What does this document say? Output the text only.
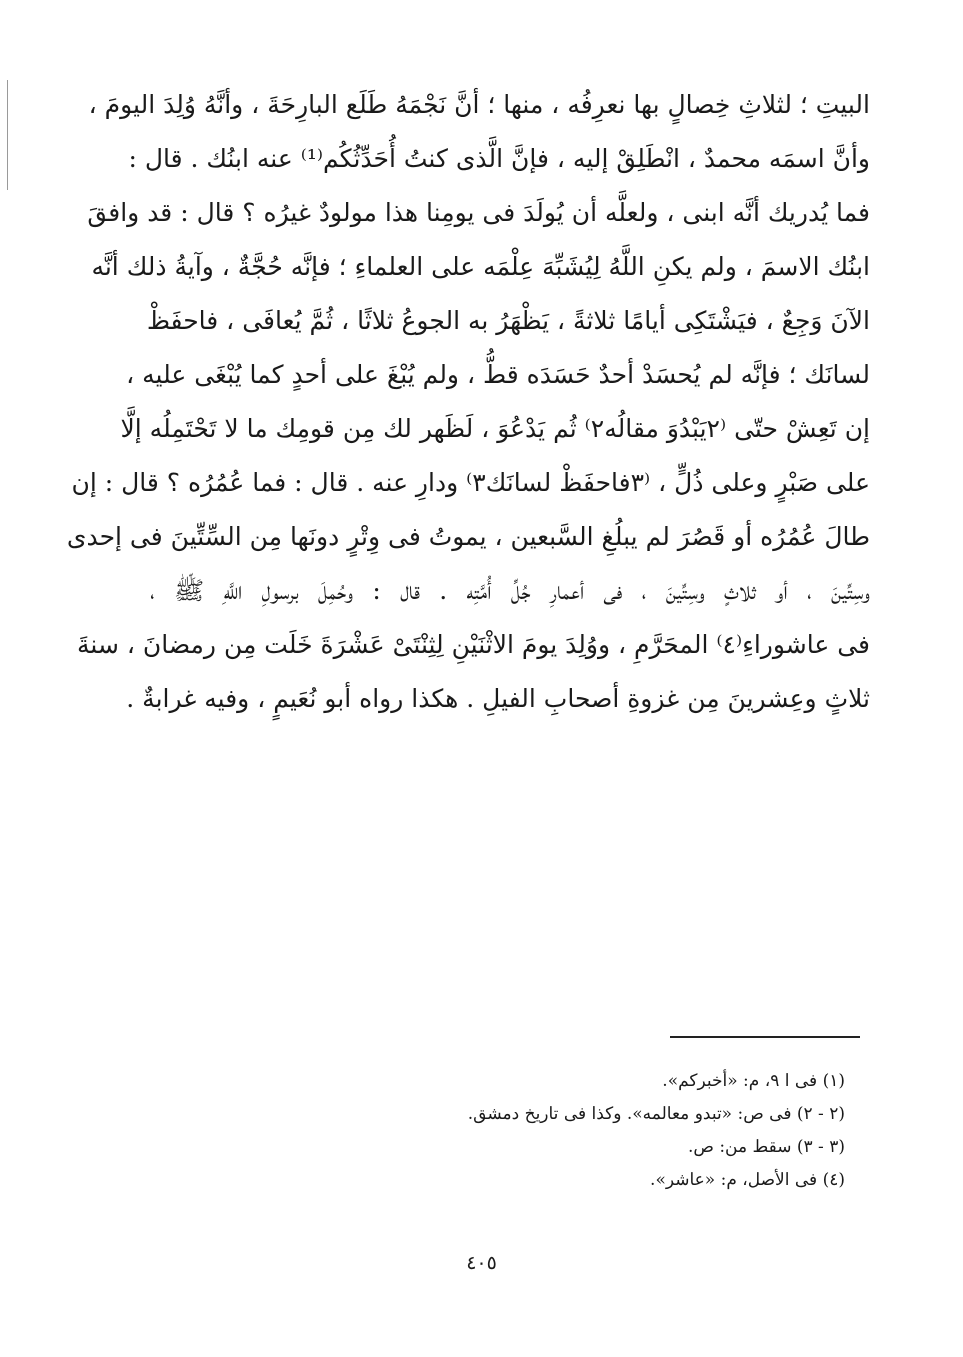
البيتِ ؛ لثلاثِ خِصالٍ بها نعرِفُه ، منها ؛ أنَّ نَجْمَهُ طَلَع البارِحَةَ ، وأنَّهُ وُلِدَ اليومَ ،
وأنَّ اسمَه محمدٌ ، انْطَلِقْ إليه ، فإنَّ الَّذى كنتُ أُحَدِّثُكُم⁽¹⁾ عنه ابنُك . قال :
فما يُدريك أنَّه ابنى ، ولعلَّه أن يُولَدَ فى يومِنا هذا مولودٌ غيرُه ؟ قال : قد وافقَ
ابنُك الاسمَ ، ولم يكنِ اللَّهُ لِيُشَبِّهَ عِلْمَه على العلماءِ ؛ فإنَّه حُجَّةٌ ، وآيةُ ذلك أنَّه
الآنَ وَجِعٌ ، فيَشْتَكِى أيامًا ثلاثةً ، يَظْهَرُ به الجوعُ ثلاثًا ، ثُمَّ يُعافَى ، فاحفَظْ
لسانَك ؛ فإنَّه لم يُحسَدْ أحدٌ حَسَدَه قطُّ ، ولم يُبْغَ على أحدٍ كما يُبْغَى عليه ،
إن تَعِشْ حتّى ⁽٢يَبْدُوَ مقالُه٢⁾ ثُم يَدْعُوَ ، لَظَهر لك مِن قومِك ما لا تَحْتَمِلُه إلَّا
على صَبْرٍ وعلى ذُلٍّ ، ⁽٣فاحفَظْ لسانَك٣⁾ ودارِ عنه . قال : فما عُمُرُه ؟ قال : إن
طالَ عُمُرُه أو قَصُرَ لم يبلُغِ السَّبعين ، يموتُ فى وِتْرٍ دونَها مِن السِّتِّينَ فى إحدى
وسِتِّينَ ، أو ثلاثٍ وسِتِّينَ ، فى أعمارِ جُلِّ أُمَّتِه . قال : وحُمِلَ برسولِ اللَّهِ ﷺ ،
فى عاشوراءِ⁽٤⁾ المحَرَّمِ ، ووُلِدَ يومَ الاثْنَيْنِ لِثِنْتَىْ عَشْرَةَ خَلَت مِن رمضانَ ، سنةَ
ثلاثٍ وعِشرينَ مِن غزوةِ أصحابِ الفيلِ . هكذا رواه أبو نُعَيمٍ ، وفيه غرابةٌ .
(١) فى ا ٩، م: «أخبركم».
(٢ - ٢) فى ص: «تبدو معالمه». وكذا فى تاريخ دمشق.
(٣ - ٣) سقط من: ص.
(٤) فى الأصل، م: «عاشر».
٤٠٥
